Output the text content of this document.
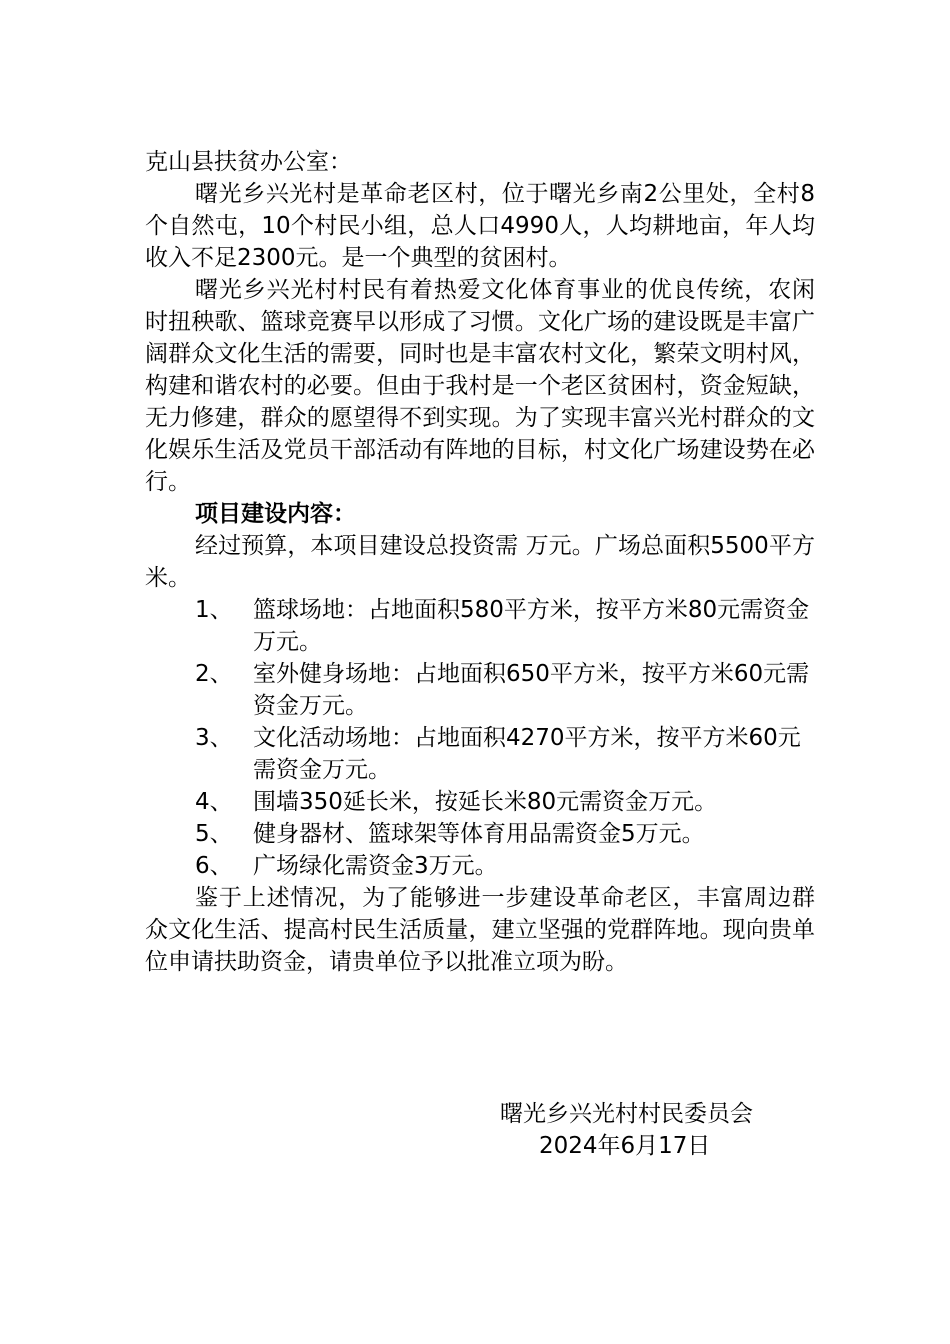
克山县扶贫办公室：

曙光乡兴光村是革命老区村，位于曙光乡南2公里处，全村8个自然屯，10个村民小组，总人口4990人，人均耕地亩，年人均收入不足2300元。是一个典型的贫困村。

曙光乡兴光村村民有着热爱文化体育事业的优良传统，农闲时扭秧歌、篮球竞赛早以形成了习惯。文化广场的建设既是丰富广阔群众文化生活的需要，同时也是丰富农村文化，繁荣文明村风，构建和谐农村的必要。但由于我村是一个老区贫困村，资金短缺，无力修建，群众的愿望得不到实现。为了实现丰富兴光村群众的文化娱乐生活及党员干部活动有阵地的目标，村文化广场建设势在必行。

项目建设内容：

经过预算，本项目建设总投资需 万元。广场总面积5500平方米。

1、 篮球场地：占地面积580平方米，按平方米80元需资金万元。
2、 室外健身场地：占地面积650平方米，按平方米60元需资金万元。
3、 文化活动场地：占地面积4270平方米，按平方米60元需资金万元。
4、 围墙350延长米，按延长米80元需资金万元。
5、 健身器材、篮球架等体育用品需资金5万元。
6、 广场绿化需资金3万元。

鉴于上述情况，为了能够进一步建设革命老区，丰富周边群众文化生活、提高村民生活质量，建立坚强的党群阵地。现向贵单位申请扶助资金，请贵单位予以批准立项为盼。

曙光乡兴光村村民委员会

2024年6月17日
